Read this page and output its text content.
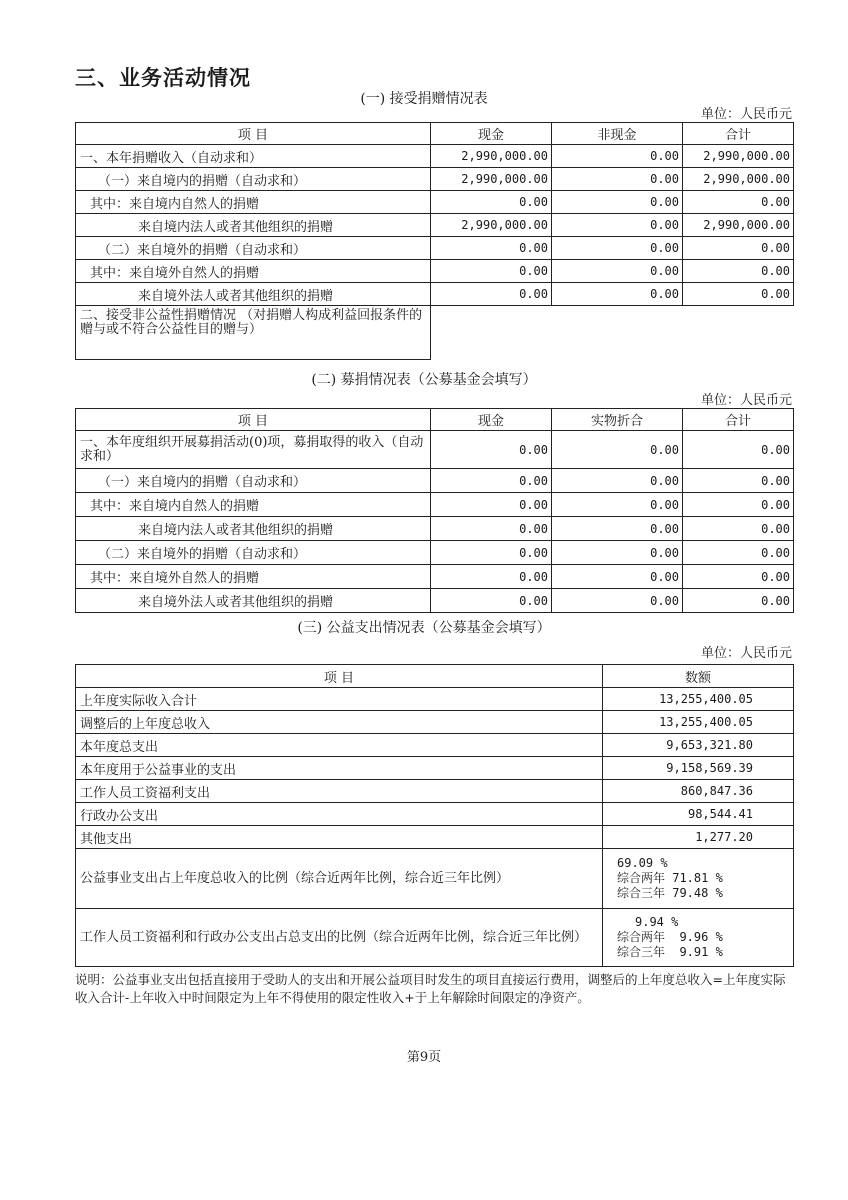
三、业务活动情况
(一) 接受捐赠情况表
单位：人民币元
项 目	现金	非现金	合计
一、本年捐赠收入（自动求和）	2,990,000.00	0.00	2,990,000.00
（一）来自境内的捐赠（自动求和）	2,990,000.00	0.00	2,990,000.00
其中：来自境内自然人的捐赠	0.00	0.00	0.00
来自境内法人或者其他组织的捐赠	2,990,000.00	0.00	2,990,000.00
（二）来自境外的捐赠（自动求和）	0.00	0.00	0.00
其中：来自境外自然人的捐赠	0.00	0.00	0.00
来自境外法人或者其他组织的捐赠	0.00	0.00	0.00
二、接受非公益性捐赠情况 （对捐赠人构成利益回报条件的赠与或不符合公益性目的赠与）			
(二) 募捐情况表（公募基金会填写）
单位：人民币元
项 目	现金	实物折合	合计
一、本年度组织开展募捐活动(0)项，募捐取得的收入（自动求和）	0.00	0.00	0.00
（一）来自境内的捐赠（自动求和）	0.00	0.00	0.00
其中：来自境内自然人的捐赠	0.00	0.00	0.00
来自境内法人或者其他组织的捐赠	0.00	0.00	0.00
（二）来自境外的捐赠（自动求和）	0.00	0.00	0.00
其中：来自境外自然人的捐赠	0.00	0.00	0.00
来自境外法人或者其他组织的捐赠	0.00	0.00	0.00
(三) 公益支出情况表（公募基金会填写）
单位：人民币元
项 目	数额
上年度实际收入合计	13,255,400.05
调整后的上年度总收入	13,255,400.05
本年度总支出	9,653,321.80
本年度用于公益事业的支出	9,158,569.39
工作人员工资福利支出	860,847.36
行政办公支出	98,544.41
其他支出	1,277.20
公益事业支出占上年度总收入的比例（综合近两年比例，综合近三年比例）	69.09 %
综合两年 71.81 %
综合三年 79.48 %

工作人员工资福利和行政办公支出占总支出的比例（综合近两年比例，综合近三年比例）	9.94 %
综合两年  9.96 %
综合三年  9.91 %
说明：公益事业支出包括直接用于受助人的支出和开展公益项目时发生的项目直接运行费用，调整后的上年度总收入=上年度实际收入合计-上年收入中时间限定为上年不得使用的限定性收入+于上年解除时间限定的净资产。
第9页
